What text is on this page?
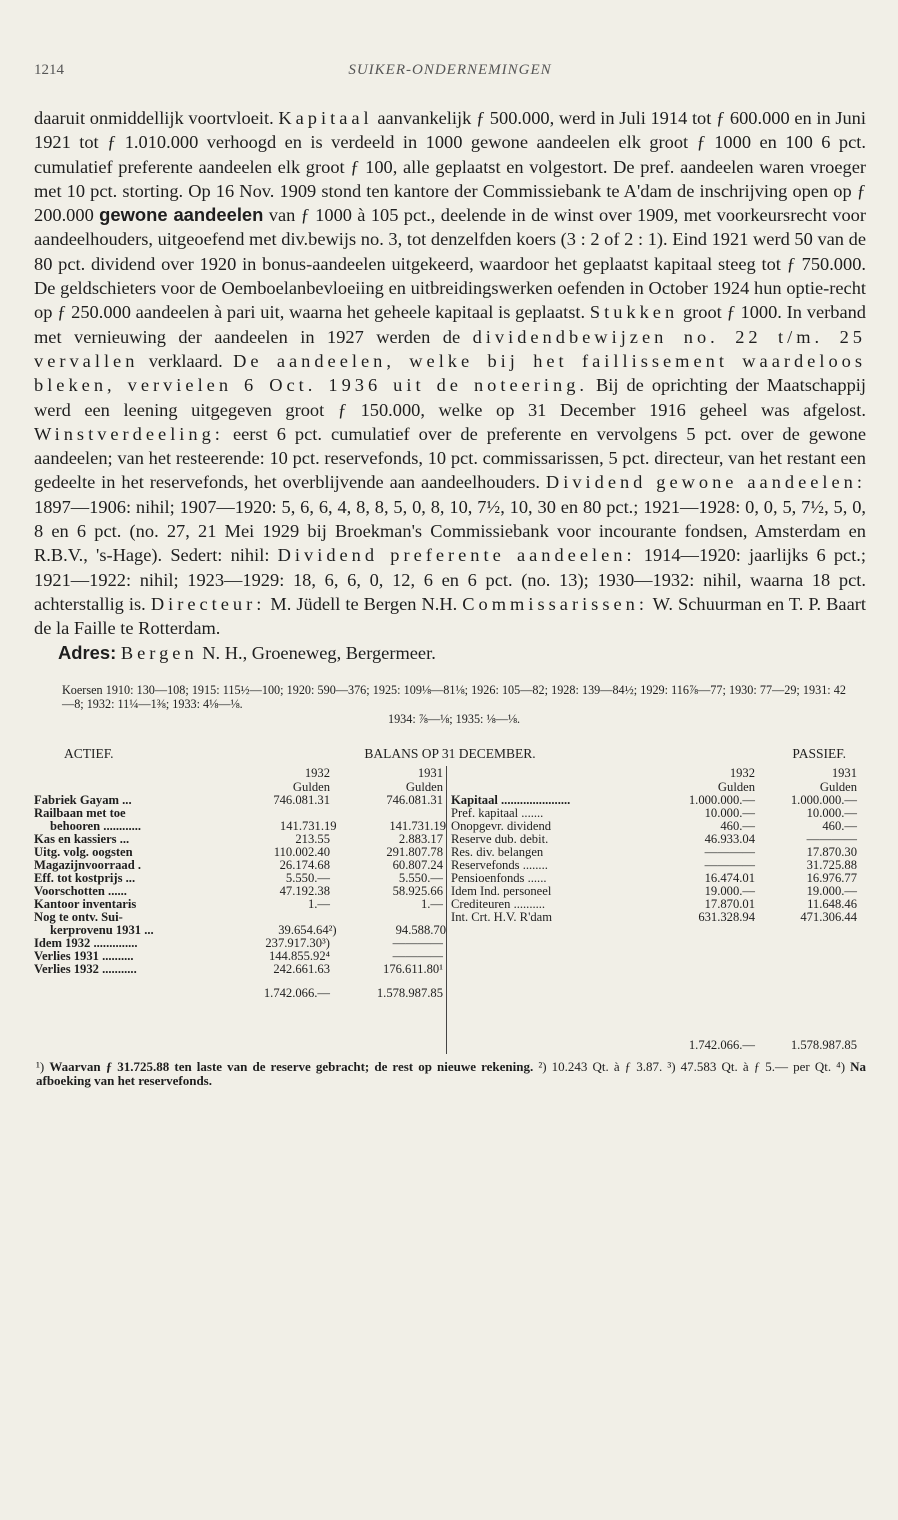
1214	SUIKER-ONDERNEMINGEN

daaruit onmiddellijk voortvloeit. Kapitaal aanvankelijk ƒ 500.000, werd in Juli 1914 tot ƒ 600.000 en in Juni 1921 tot ƒ 1.010.000 verhoogd en is verdeeld in 1000 gewone aandeelen elk groot ƒ 1000 en 100 6 pct. cumulatief preferente aandeelen elk groot ƒ 100, alle geplaatst en volgestort. De pref. aandeelen waren vroeger met 10 pct. storting. Op 16 Nov. 1909 stond ten kantore der Commissiebank te A'dam de inschrijving open op ƒ 200.000 gewone aandeelen van ƒ 1000 à 105 pct., deelende in de winst over 1909, met voorkeursrecht voor aandeelhouders, uitgeoefend met div.bewijs no. 3, tot denzelfden koers (3 : 2 of 2 : 1). Eind 1921 werd 50 van de 80 pct. dividend over 1920 in bonus-aandeelen uitgekeerd, waardoor het geplaatst kapitaal steeg tot ƒ 750.000. De geldschieters voor de Oemboelanbevloeiing en uitbreidingswerken oefenden in October 1924 hun optie-recht op ƒ 250.000 aandeelen à pari uit, waarna het geheele kapitaal is geplaatst. Stukken groot ƒ 1000. In verband met vernieuwing der aandeelen in 1927 werden de dividendbewijzen no. 22 t/m. 25 vervallen verklaard. De aandeelen, welke bij het faillissement waardeloos bleken, vervielen 6 Oct. 1936 uit de noteering. Bij de oprichting der Maatschappij werd een leening uitgegeven groot ƒ 150.000, welke op 31 December 1916 geheel was afgelost. Winstverdeeling: eerst 6 pct. cumulatief over de preferente en vervolgens 5 pct. over de gewone aandeelen; van het resteerende: 10 pct. reservefonds, 10 pct. commissarissen, 5 pct. directeur, van het restant een gedeelte in het reservefonds, het overblijvende aan aandeelhouders. Dividend gewone aandeelen: 1897—1906: nihil; 1907—1920: 5, 6, 6, 4, 8, 8, 5, 0, 8, 10, 7½, 10, 30 en 80 pct.; 1921—1928: 0, 0, 5, 7½, 5, 0, 8 en 6 pct. (no. 27, 21 Mei 1929 bij Broekman's Commissiebank voor incourante fondsen, Amsterdam en R.B.V., 's-Hage). Sedert: nihil: Dividend preferente aandeelen: 1914—1920: jaarlijks 6 pct.; 1921—1922: nihil; 1923—1929: 18, 6, 6, 0, 12, 6 en 6 pct. (no. 13); 1930—1932: nihil, waarna 18 pct. achterstallig is. Directeur: M. Jüdell te Bergen N.H. Commissarissen: W. Schuurman en T. P. Baart de la Faille te Rotterdam.

Adres: Bergen N. H., Groeneweg, Bergermeer.
Koersen 1910: 130—108; 1915: 115½—100; 1920: 590—376; 1925: 109⅛—81⅛; 1926: 105—82; 1928: 139—84½; 1929: 116⅞—77; 1930: 77—29; 1931: 42—8; 1932: 11¼—1⅜; 1933: 4⅛—⅛.
1934: ⅞—⅛; 1935: ⅛—⅛.
ACTIEF.	BALANS OP 31 DECEMBER.	PASSIEF.
1932	1931
Gulden	Gulden
Fabriek Gayam ...	746.081.31	746.081.31
Railbaan met toe
behooren ............	141.731.19	141.731.19
Kas en kassiers ...	213.55	2.883.17
Uitg. volg. oogsten	110.002.40	291.807.78
Magazijnvoorraad .	26.174.68	60.807.24
Eff. tot kostprijs ...	5.550.—	5.550.—
Voorschotten ......	47.192.38	58.925.66
Kantoor inventaris	1.—	1.—
Nog te ontv. Sui-
kerprovenu 1931 ...	39.654.64²)	94.588.70
Idem 1932 ..............	237.917.30³)	————
Verlies 1931 ..........	144.855.92⁴	————
Verlies 1932 ...........	242.661.63	176.611.80¹
1.742.066.—	1.578.987.85
1932	1931
Gulden	Gulden
Kapitaal ......................	1.000.000.—	1.000.000.—
Pref. kapitaal .......	10.000.—	10.000.—
Onopgevr. dividend	460.—	460.—
Reserve dub. debit.	46.933.04	————
Res. div. belangen	————	17.870.30
Reservefonds ........	————	31.725.88
Pensioenfonds ......	16.474.01	16.976.77
Idem Ind. personeel	19.000.—	19.000.—
Crediteuren ..........	17.870.01	11.648.46
Int. Crt. H.V. R'dam	631.328.94	471.306.44
1.742.066.—	1.578.987.85
¹) Waarvan ƒ 31.725.88 ten laste van de reserve gebracht; de rest op nieuwe rekening. ²) 10.243 Qt. à ƒ 3.87. ³) 47.583 Qt. à ƒ 5.— per Qt. ⁴) Na afboeking van het reservefonds.
